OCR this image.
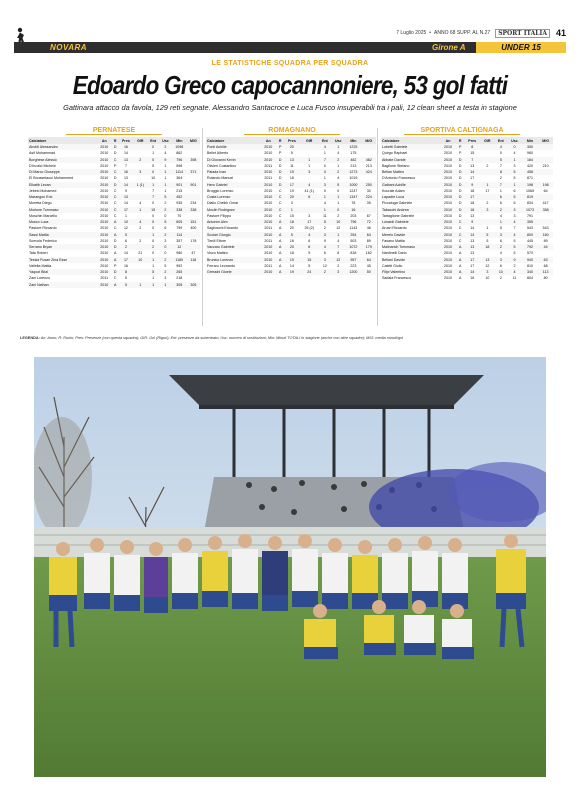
7 Luglio 2025 • ANNO 68 SUPP. AL N.27	SPORT ITALIA	41
NOVARA	Girone A	UNDER 15
LE STATISTICHE SQUADRA PER SQUADRA
Edoardo Greco capocannoniere, 53 gol fatti
Gattinara attacco da favola, 129 reti segnate. Alessandro Santacroce e Luca Fusco insuperabili tra i pali, 12 clean sheet a testa in stagione
PERNATESE	ROMAGNANO	SPORTIVA CALTIGNAGA
Calciatore	An	R	Pres	GIR	Ent	Usc	Min	M/G
Alrobli Alessandro	2010	D	16		0	2	1098	
Asif Muhammad	2010	D	14		1	4	862	
Borghese Alessio	2010	C	13	2	0	9	796	398
D'Incalci Michele	2010	P	7		5	1	598	
Di Marco Giuseppe	2010	C	16	3	0	1	1114	371
El Boussetaoui Mohammed	2010	D	13		10	1	364	
Elkatib Lecan	2010	D	14	1 (1)	1	1	901	901
Jebesi Mohamed	2010	C	9		7	1	215	
Marangon Eric	2010	C	13		7	5	452	
Moretta Diego	2010	C	14	4	0	2	935	234
Morlone Tommaso	2010	C	17	1	15	2	338	338
Moschin Marcello	2010	C	1		0	0	70	
Musco Luca	2010	A	10	4	0	5	605	151
Pastore Riccardo	2010	C	12	2	0	6	799	400
Sassi Mattia	2010	A	5		1	2	114	
Scevola Federico	2010	D	6	2	0	3	357	178
Serrano Bryan	2010	D	2		2	0	12	
Tafa Robert	2010	A	14	21	0	0	980	47
Tessia Fusan Zina Esse	2010	A	17	10	1	2	1180	118
Vallelta Mattia	2010	P	16		1	5	992	
Yaqoot Bilal	2010	D	8		5	2	265	
Zani Lorenzo	2011	C	5		1	3	218	
Zani Nathan	2010	A	5	1	1	1	305	305
Calciatore	An	R	Pres	GIR	Ent	Usc	Min	M/G
Ponti Achille	2010	P	20		4	1	1225	
Bellet Alberto	2010	P	5		1	4	175	
Di Giovanni Kevin	2010	D	13	1	7	2	482	482
Olivieri Costantino	2011	D	11	1	0	1	213	213
Palada Ivan	2010	D	19	3	0	2	1273	424
Rolando Manuel	2011	D	16		1	4	1019	
Hero Gabriel	2010	D	17	4	3	5	1000	250
Broggio Lorenzo	2010	C	19	41 (1)	0	0	1247	30
Costa Lorenzo	2010	C	20	6	1	1	1347	224
Diallo Cheikh Omar	2010	C	3		4	1	78	39
Moclin Rodriguez	2010	C	1		1	0	16	
Pastore Filippo	2010	C	15	3	11	2	203	67
Antonini Alex	2010	A	18	17	5	10	796	72
Saglioschi Edoardo	2011	A	20	25 (2)	2	12	1143	46
Scolari Giorgio	2010	A	5	4	3	1	254	64
Tirelli Ettore	2011	A	16	6	9	4	503	89
Vaccaro Gabriele	2010	A	20	6	4	7	1072	179
Visco Matteo	2010	A	18	5	6	8	818	162
Brunico Lorenzo	2010	A	19	15	3	12	957	64
Ferraro Leonardo	2011	A	14	5	12	2	223	45
Gressini Gioele	2010	A	19	24	2	3	1200	50
Calciatore	An	R	Pres	GIR	Ent	Usc	Min	M/G
Lobetti Gabriele	2010	P	8		4	0	350	
Quirgo Raphael	2010	P	15		0	4	980	
Abbate Davide	2010	D	7		5	1	184	
Baglione Stefano	2010	D	13	2	7	3	420	210
Bellan Matteo	2010	D	14		8	5	458	
D'Antonio Francesco	2010	D	17		2	5	871	
Galbani Achille	2010	D	9	1	7	1	198	198
Kouraie Adam	2010	D	18	17	1	6	1065	64
Lapadre Luca	2010	D	17		6	5	819	
Piccaluga Gabriele	2010	D	18	2	6	6	834	417
Tabacchi Andrea	2010	D	18	3	2	3	1073	358
Tartaglione Gabriele	2010	D	13		4	3	791	
Lonardi Gabriele	2010	C	9		1	4	355	
Arucri Riccardo	2010	C	14	1	5	7	543	543
Merelo Davide	2010	C	14	5	3	4	800	160
Fasano Mattia	2010	C	13	5	6	5	445	89
Malinarich Tommaso	2010	A	13	18	2	5	792	44
Nardinelli Dario	2010	A	13		4	5	570	
Bellani Davide	2010	A	17	13	3	9	940	63
Caletti Giulio	2010	A	17	12	6	2	810	68
Filipi Valentino	2010	A	14	3	10	4	340	113
Sadala Francesco	2010	A	16	10	2	11	804	80
LEGENDA: An: Anno; R: Ruolo; Pres: Presenze (con questa squadra); GIR: Gol (Rigori); Ent: presenze da subentrato; Usc: numero di sostituzioni; Min: Minuti TOTALI in stagione (anche con altre squadre); M/G: media minuti/gol
